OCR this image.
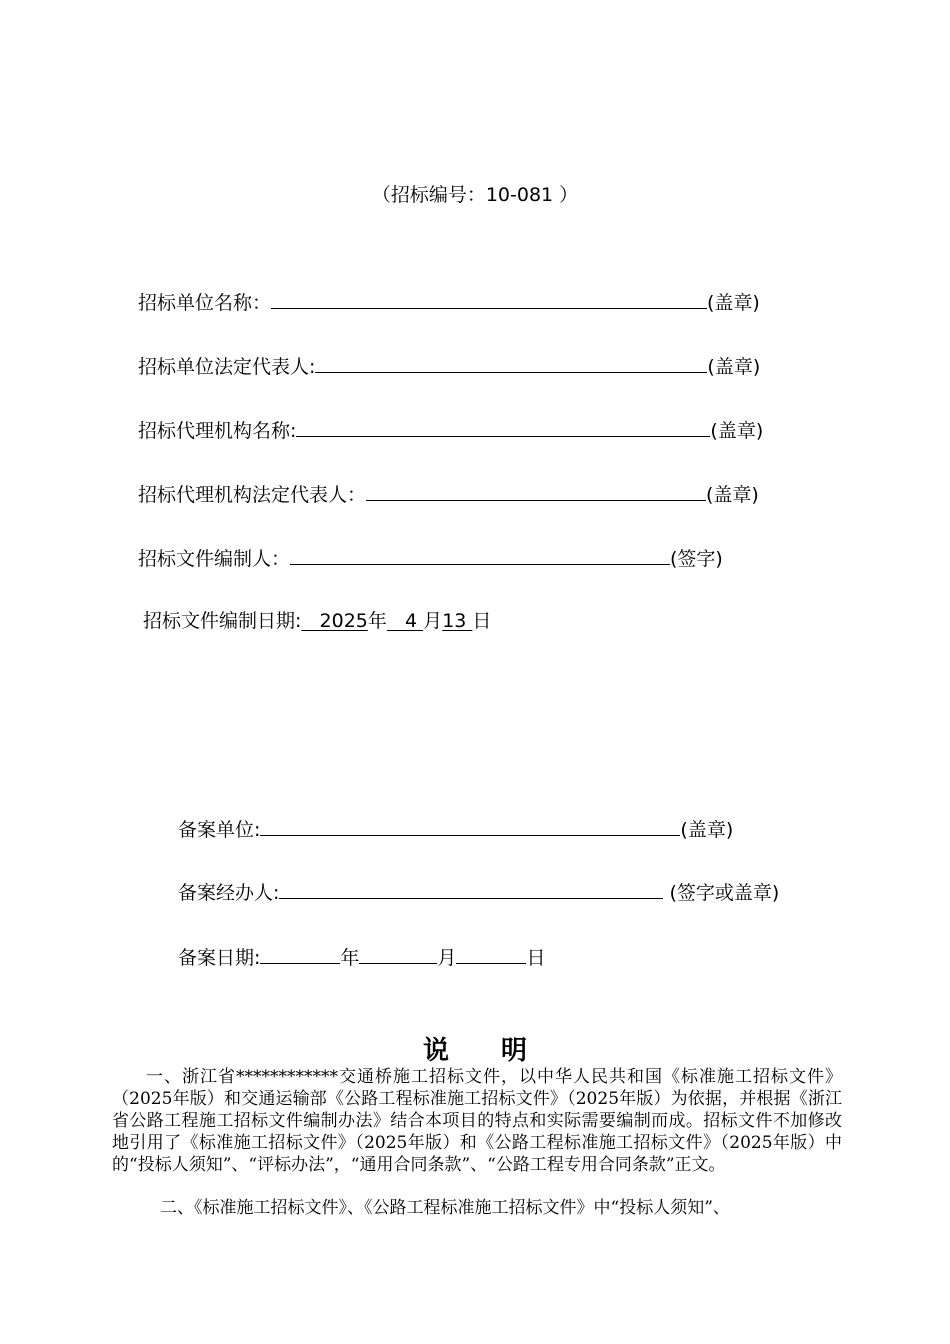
（招标编号：10-081 ）
招标单位名称：	(盖章)
招标单位法定代表人:	(盖章)
招标代理机构名称:	(盖章)
招标代理机构法定代表人：	(盖章)
招标文件编制人：	(签字)
招标文件编制日期: 2025年 4 月13 日
备案单位:	(盖章)
备案经办人:	(签字或盖章)
备案日期:	年	月	日
说　　明
一、浙江省************交通桥施工招标文件，以中华人民共和国《标准施工招标文件》（2025年版）和交通运输部《公路工程标准施工招标文件》（2025年版）为依据，并根据《浙江省公路工程施工招标文件编制办法》结合本项目的特点和实际需要编制而成。招标文件不加修改地引用了《标准施工招标文件》（2025年版）和《公路工程标准施工招标文件》（2025年版）中的“投标人须知”、“评标办法”，“通用合同条款”、“公路工程专用合同条款”正文。
二、《标准施工招标文件》、《公路工程标准施工招标文件》中“投标人须知”、
